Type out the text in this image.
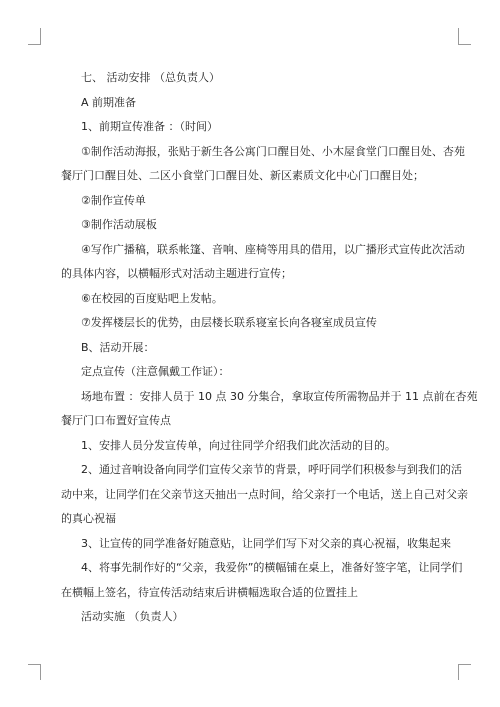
七、 活动安排 （总负责人）

A 前期准备

1、前期宣传准备 ：（时间）

①制作活动海报，张贴于新生各公寓门口醒目处、小木屋食堂门口醒目处、杏苑

餐厅门口醒目处、二区小食堂门口醒目处、新区素质文化中心门口醒目处；

②制作宣传单

③制作活动展板

④写作广播稿，联系帐篷、音响、座椅等用具的借用，以广播形式宣传此次活动

的具体内容，以横幅形式对活动主题进行宣传；

⑥在校园的百度贴吧上发帖。

⑦发挥楼层长的优势，由层楼长联系寝室长向各寝室成员宣传

B、活动开展：

定点宣传（注意佩戴工作证）：

场地布置 ：安排人员于 10 点 30 分集合，拿取宣传所需物品并于 11 点前在杏苑

餐厅门口布置好宣传点

1、安排人员分发宣传单，向过往同学介绍我们此次活动的目的。

2、通过音响设备向同学们宣传父亲节的背景，呼吁同学们积极参与到我们的活

动中来，让同学们在父亲节这天抽出一点时间，给父亲打一个电话，送上自己对父亲

的真心祝福

3、让宣传的同学准备好随意贴，让同学们写下对父亲的真心祝福，收集起来

4、将事先制作好的“父亲，我爱你”的横幅铺在桌上，准备好签字笔，让同学们

在横幅上签名，待宣传活动结束后讲横幅选取合适的位置挂上

活动实施 （负责人）
